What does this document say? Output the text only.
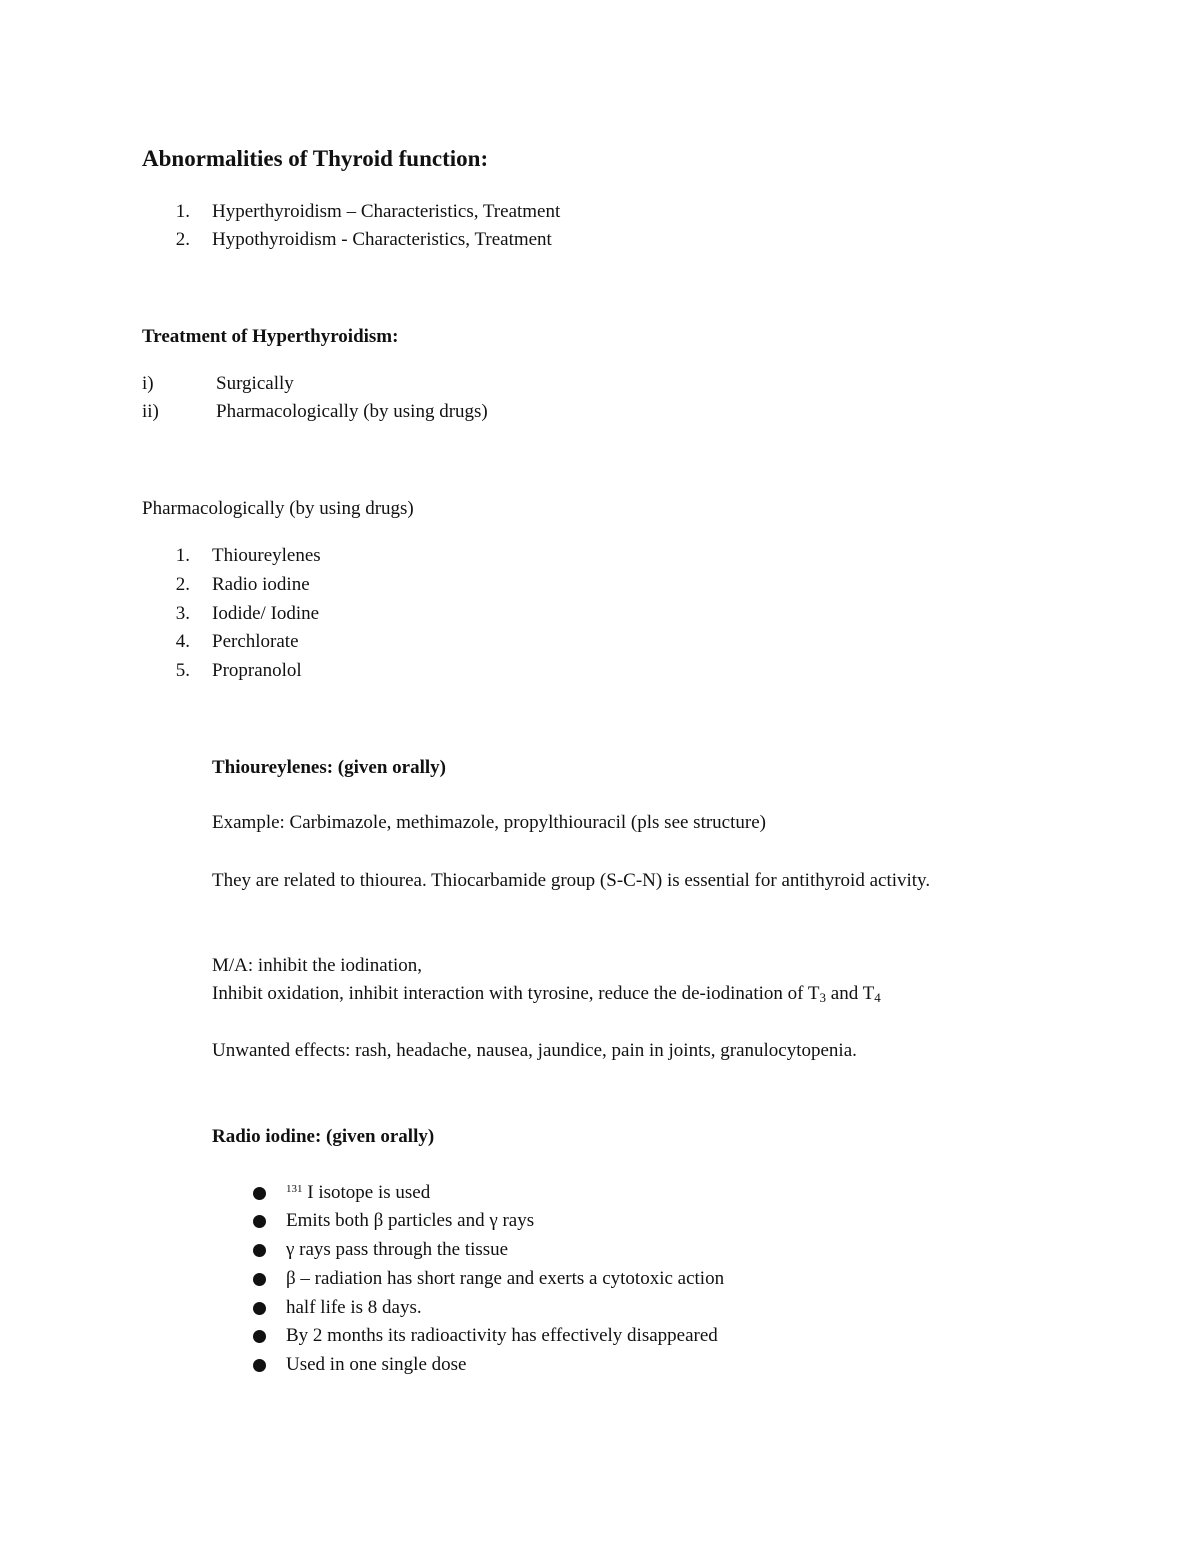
Abnormalities of Thyroid function:
1. Hyperthyroidism – Characteristics, Treatment
2. Hypothyroidism - Characteristics, Treatment
Treatment of Hyperthyroidism:
i)	Surgically
ii)	Pharmacologically (by using drugs)
Pharmacologically (by using drugs)
1. Thioureylenes
2. Radio iodine
3. Iodide/ Iodine
4. Perchlorate
5. Propranolol
Thioureylenes: (given orally)
Example: Carbimazole, methimazole, propylthiouracil (pls see structure)
They are related to thiourea. Thiocarbamide group (S-C-N) is essential for antithyroid activity.
M/A: inhibit the iodination,
Inhibit oxidation, inhibit interaction with tyrosine, reduce the de-iodination of $T_3$ and $T_4$
Unwanted effects: rash, headache, nausea, jaundice, pain in joints, granulocytopenia.
Radio iodine: (given orally)
$^{131}$ I isotope is used
Emits both β particles and γ rays
γ rays pass through the tissue
β – radiation has short range and exerts a cytotoxic action
half life is 8 days.
By 2 months its radioactivity has effectively disappeared
Used in one single dose
